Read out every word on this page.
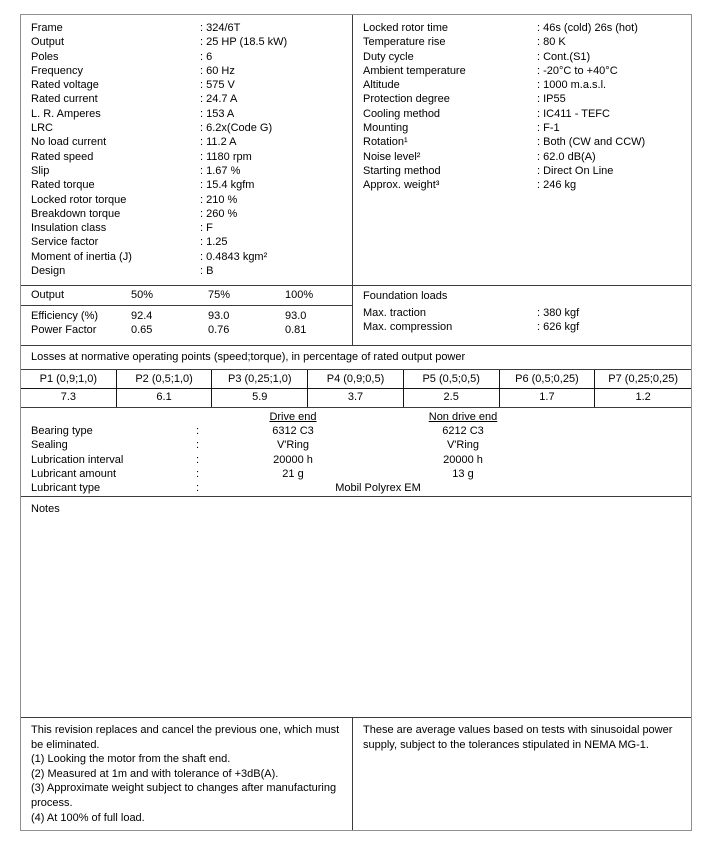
Frame	: 324/6T
Output	: 25 HP (18.5 kW)
Poles	: 6
Frequency	: 60 Hz
Rated voltage	: 575 V
Rated current	: 24.7 A
L. R. Amperes	: 153 A
LRC	: 6.2x(Code G)
No load current	: 11.2 A
Rated speed	: 1180 rpm
Slip	: 1.67 %
Rated torque	: 15.4 kgfm
Locked rotor torque	: 210 %
Breakdown torque	: 260 %
Insulation class	: F
Service factor	: 1.25
Moment of inertia (J)	: 0.4843 kgm²
Design	: B
Locked rotor time	: 46s (cold) 26s (hot)
Temperature rise	: 80 K
Duty cycle	: Cont.(S1)
Ambient temperature	: -20°C to +40°C
Altitude	: 1000 m.a.s.l.
Protection degree	: IP55
Cooling method	: IC411 - TEFC
Mounting	: F-1
Rotation¹	: Both (CW and CCW)
Noise level²	: 62.0 dB(A)
Starting method	: Direct On Line
Approx. weight³	: 246 kg
Output	50%	75%	100%
Efficiency (%)	92.4	93.0	93.0
Power Factor	0.65	0.76	0.81
Foundation loads
Max. traction	: 380 kgf
Max. compression	: 626 kgf
Losses at normative operating points (speed;torque), in percentage of rated output power
P1 (0,9;1,0)	P2 (0,5;1,0)	P3 (0,25;1,0)	P4 (0,9;0,5)	P5 (0,5;0,5)	P6 (0,5;0,25)	P7 (0,25;0,25)
7.3	6.1	5.9	3.7	2.5	1.7	1.2
Drive end	Non drive end
Bearing type	:	6312 C3	6212 C3
Sealing	:	V'Ring	V'Ring
Lubrication interval	:	20000 h	20000 h
Lubricant amount	:	21 g	13 g
Lubricant type	:	Mobil Polyrex EM
Notes
This revision replaces and cancel the previous one, which must be eliminated.
(1) Looking the motor from the shaft end.
(2) Measured at 1m and with tolerance of +3dB(A).
(3) Approximate weight subject to changes after manufacturing process.
(4) At 100% of full load.
These are average values based on tests with sinusoidal power supply, subject to the tolerances stipulated in NEMA MG-1.
